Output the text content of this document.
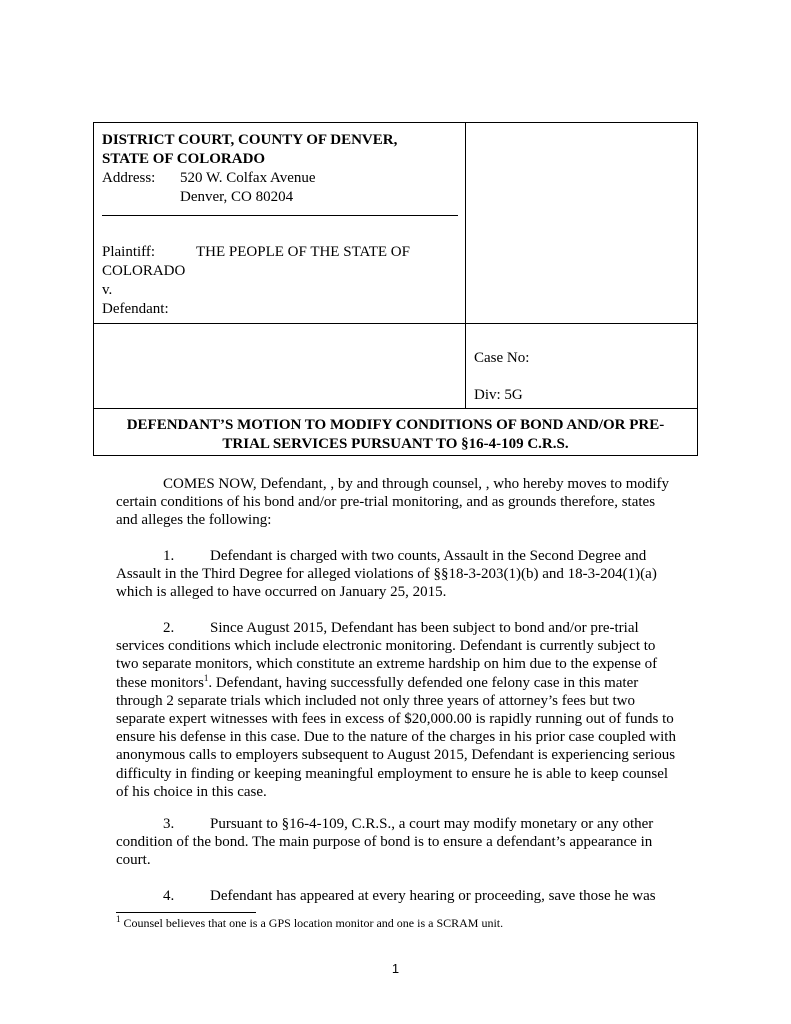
DISTRICT COURT, COUNTY OF DENVER,
STATE OF COLORADO
Address:	520 W. Colfax Avenue
Denver, CO 80204
Plaintiff:	THE PEOPLE OF THE STATE OF
COLORADO
v.
Defendant:
Case No:
Div: 5G
DEFENDANT’S MOTION TO MODIFY CONDITIONS OF BOND AND/OR PRE-
TRIAL SERVICES PURSUANT TO §16-4-109 C.R.S.
COMES NOW, Defendant, , by and through counsel, , who hereby moves to modify certain conditions of his bond and/or pre-trial monitoring, and as grounds therefore, states and alleges the following:
1. Defendant is charged with two counts, Assault in the Second Degree and Assault in the Third Degree for alleged violations of §§18-3-203(1)(b) and 18-3-204(1)(a) which is alleged to have occurred on January 25, 2015.
2. Since August 2015, Defendant has been subject to bond and/or pre-trial services conditions which include electronic monitoring. Defendant is currently subject to two separate monitors, which constitute an extreme hardship on him due to the expense of these monitors$^1$. Defendant, having successfully defended one felony case in this mater through 2 separate trials which included not only three years of attorney’s fees but two separate expert witnesses with fees in excess of $20,000.00 is rapidly running out of funds to ensure his defense in this case. Due to the nature of the charges in his prior case coupled with anonymous calls to employers subsequent to August 2015, Defendant is experiencing serious difficulty in finding or keeping meaningful employment to ensure he is able to keep counsel of his choice in this case.
3. Pursuant to §16-4-109, C.R.S., a court may modify monetary or any other condition of the bond. The main purpose of bond is to ensure a defendant’s appearance in court.
4. Defendant has appeared at every hearing or proceeding, save those he was
$^1$ Counsel believes that one is a GPS location monitor and one is a SCRAM unit.
1
